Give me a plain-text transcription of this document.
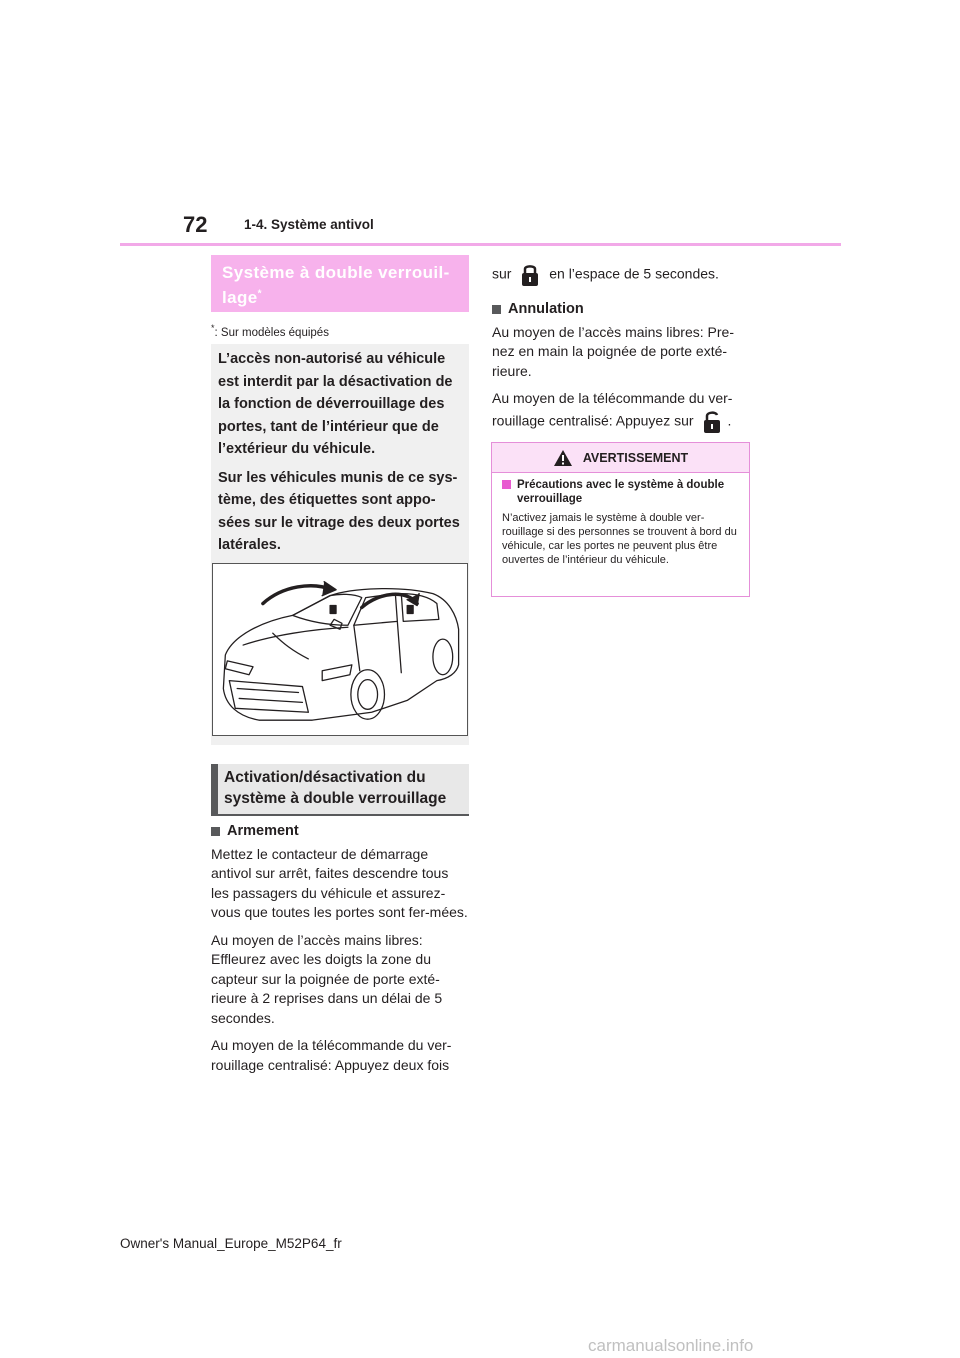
72	1-4. Système antivol
Système à double verrouil-lage*
*: Sur modèles équipés

L’accès non-autorisé au véhicule est interdit par la désactivation de la fonction de déverrouillage des portes, tant de l’intérieur que de l’extérieur du véhicule.

Sur les véhicules munis de ce sys-tème, des étiquettes sont appo-sées sur le vitrage des deux portes latérales.

Activation/désactivation du système à double verrouillage
Armement

Mettez le contacteur de démarrage antivol sur arrêt, faites descendre tous les passagers du véhicule et assurez-vous que toutes les portes sont fer-mées.

Au moyen de l’accès mains libres: Effleurez avec les doigts la zone du capteur sur la poignée de porte exté-rieure à 2 reprises dans un délai de 5 secondes.

Au moyen de la télécommande du ver-rouillage centralisé: Appuyez deux fois

sur	en l’espace de 5 secondes.

Annulation

Au moyen de l’accès mains libres: Pre-nez en main la poignée de porte exté-rieure.

Au moyen de la télécommande du ver-rouillage centralisé: Appuyez sur .

AVERTISSEMENT
Précautions avec le système à double verrouillage
N’activez jamais le système à double ver-rouillage si des personnes se trouvent à bord du véhicule, car les portes ne peuvent plus être ouvertes de l’intérieur du véhicule.
Owner's Manual_Europe_M52P64_fr
carmanualsonline.info
